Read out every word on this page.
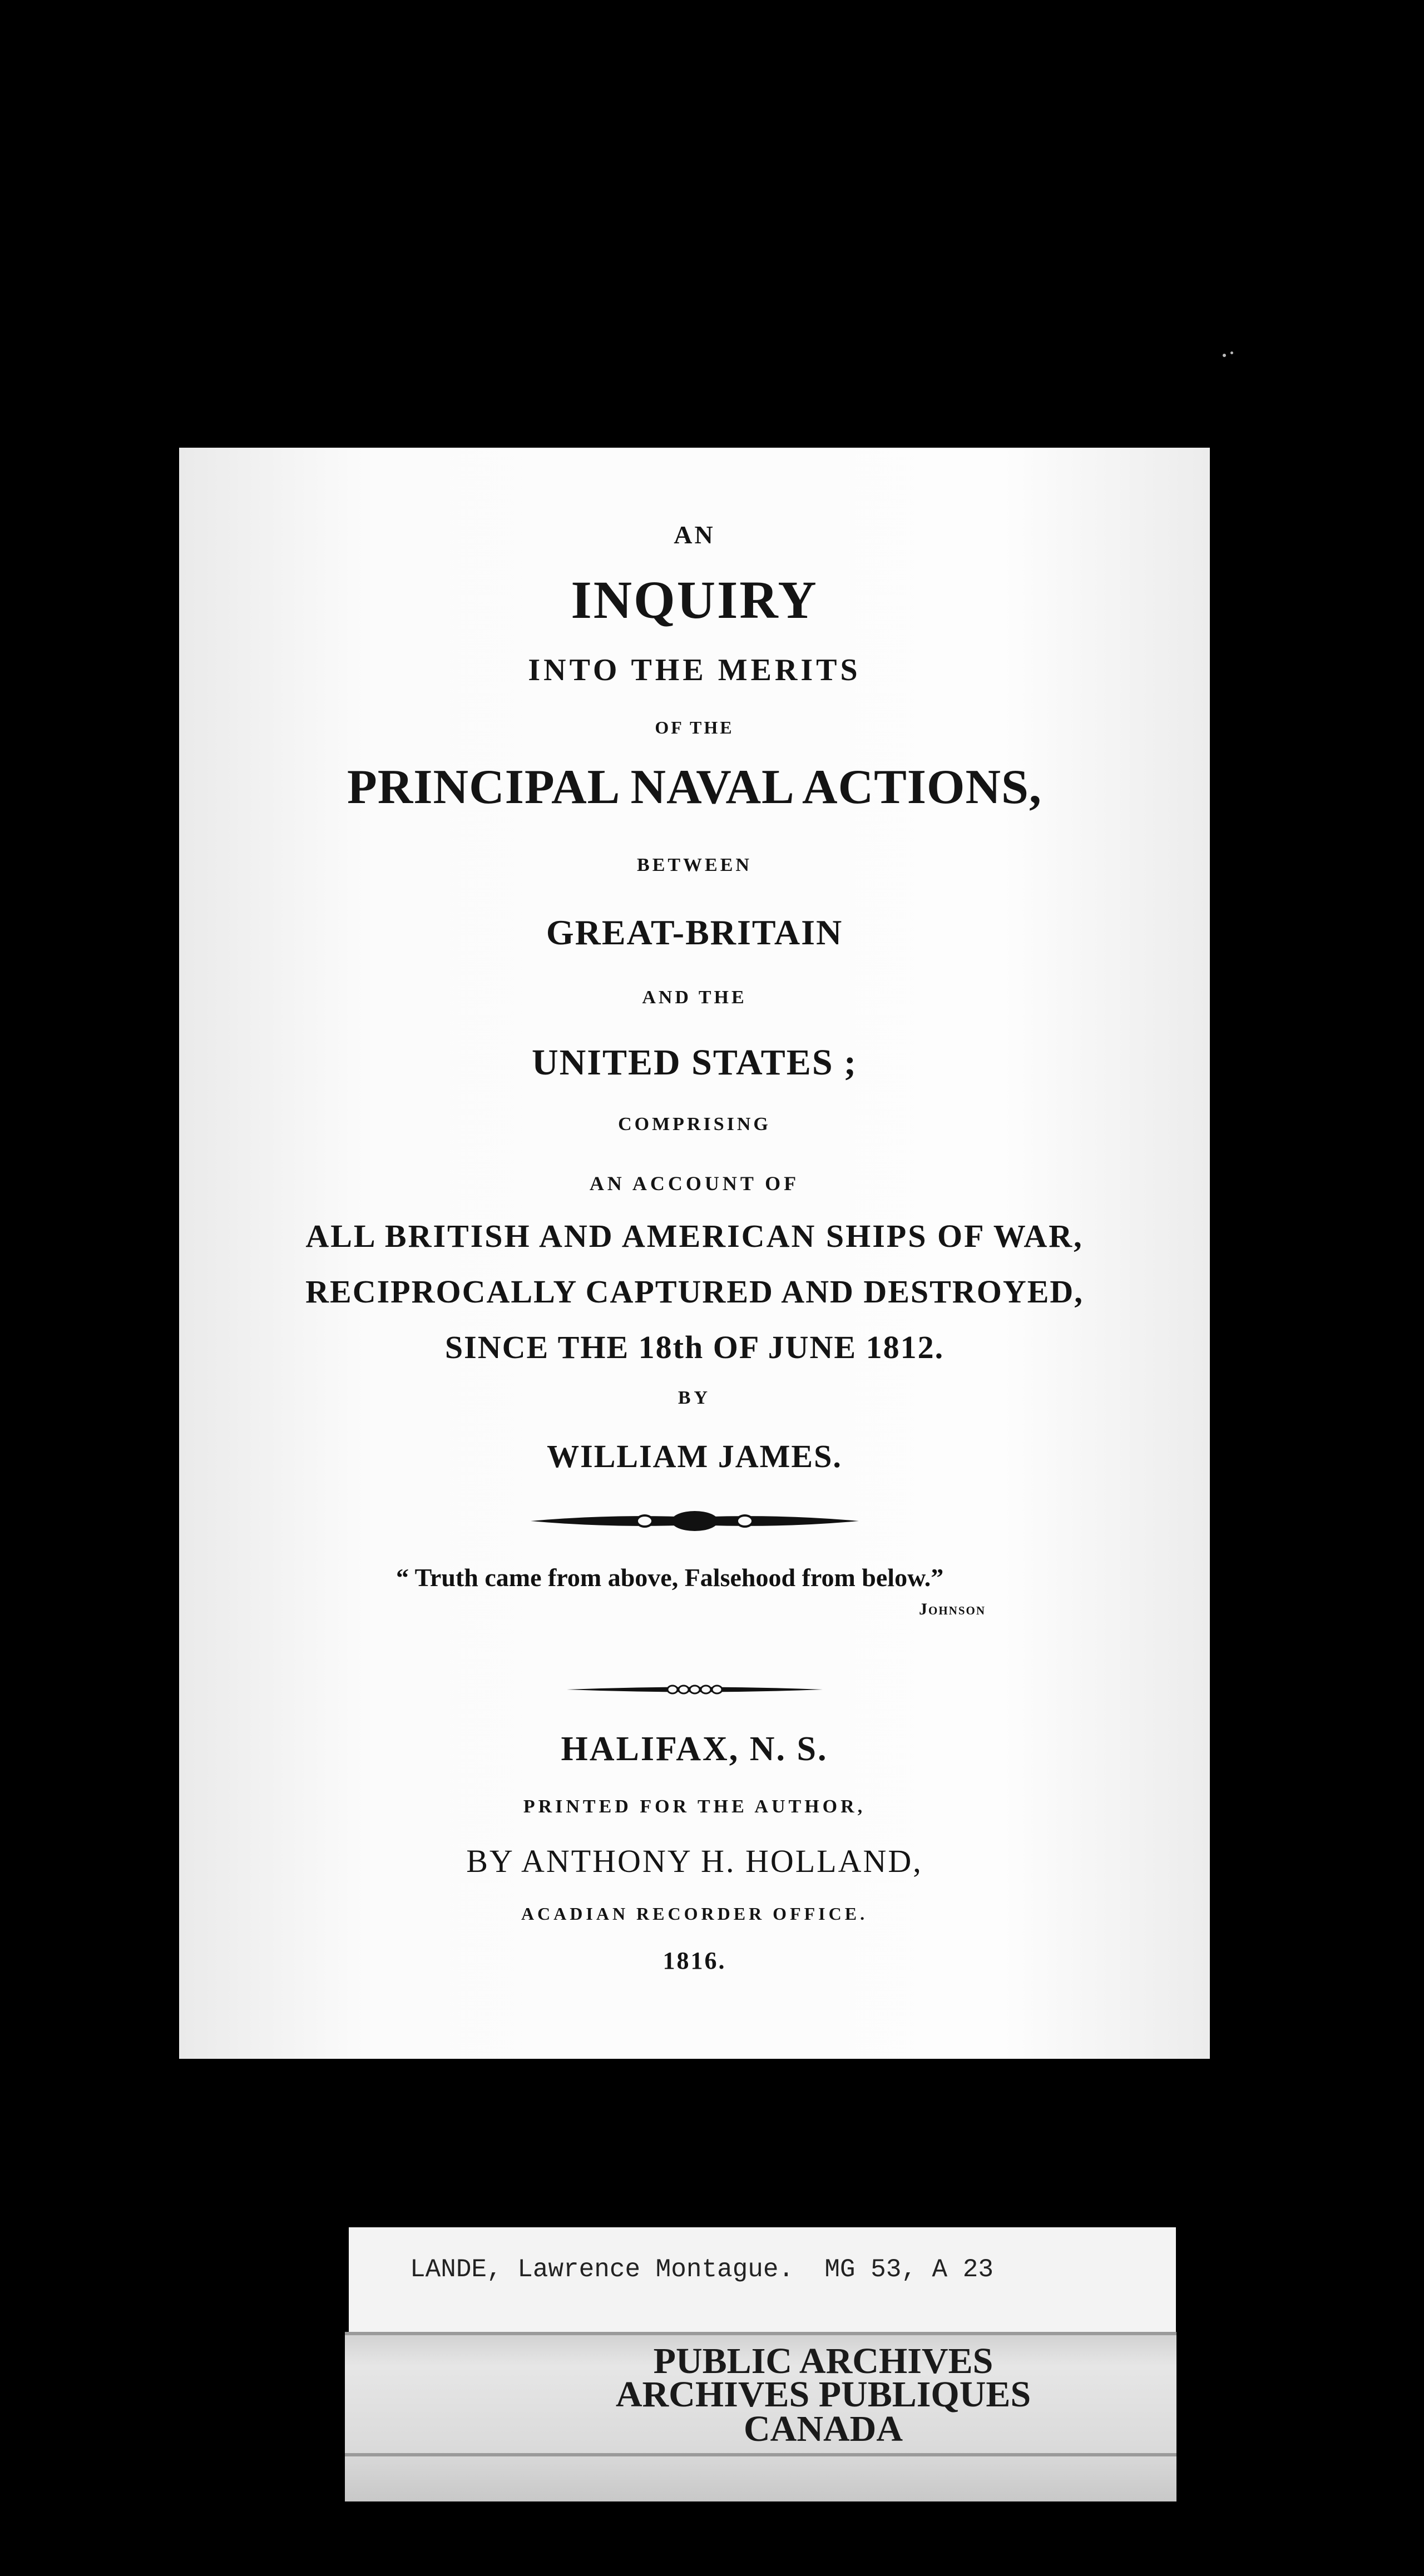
AN
INQUIRY
INTO THE MERITS
OF THE
PRINCIPAL NAVAL ACTIONS,
BETWEEN
GREAT-BRITAIN
AND THE
UNITED STATES ;
COMPRISING
AN ACCOUNT OF
ALL BRITISH AND AMERICAN SHIPS OF WAR,
RECIPROCALLY CAPTURED AND DESTROYED,
SINCE THE 18th OF JUNE 1812.
BY
WILLIAM JAMES.
“ Truth came from above, Falsehood from below.”
Johnson
HALIFAX, N. S.
PRINTED FOR THE AUTHOR,
BY ANTHONY H. HOLLAND,
ACADIAN RECORDER OFFICE.
1816.
LANDE, Lawrence Montague.  MG 53, A 23
PUBLIC ARCHIVES
ARCHIVES PUBLIQUES
CANADA
